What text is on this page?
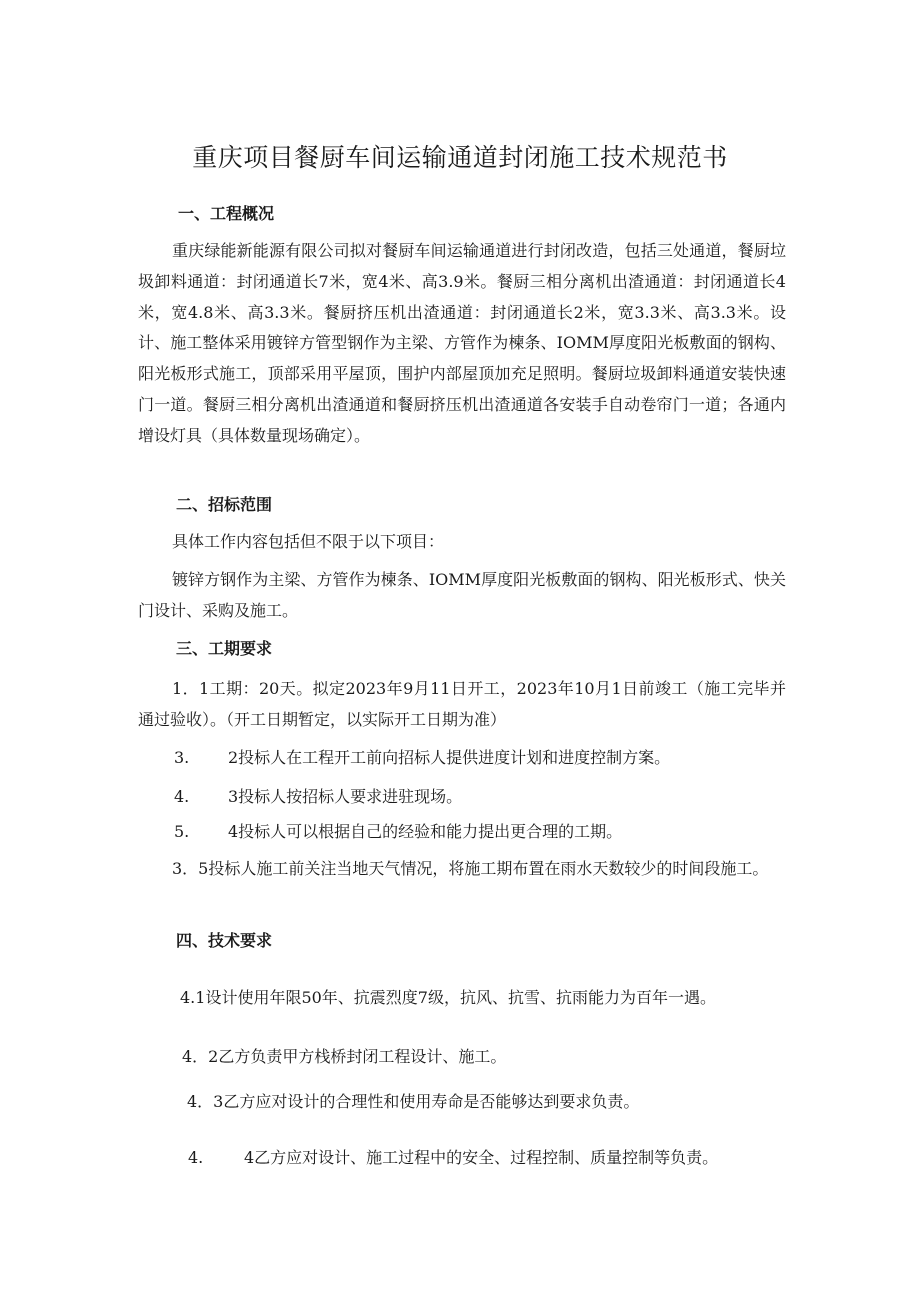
重庆项目餐厨车间运输通道封闭施工技术规范书
一、工程概况

重庆绿能新能源有限公司拟对餐厨车间运输通道进行封闭改造，包括三处通道，餐厨垃圾卸料通道：封闭通道长7米，宽4米、高3.9米。餐厨三相分离机出渣通道：封闭通道长4米，宽4.8米、高3.3米。餐厨挤压机出渣通道：封闭通道长2米，宽3.3米、高3.3米。设计、施工整体采用镀锌方管型钢作为主梁、方管作为楝条、IOMM厚度阳光板敷面的钢构、阳光板形式施工，顶部采用平屋顶，围护内部屋顶加充足照明。餐厨垃圾卸料通道安装快速门一道。餐厨三相分离机出渣通道和餐厨挤压机出渣通道各安装手自动卷帘门一道；各通内增设灯具（具体数量现场确定）。

二、招标范围

具体工作内容包括但不限于以下项目：

镀锌方钢作为主梁、方管作为楝条、IOMM厚度阳光板敷面的钢构、阳光板形式、快关门设计、采购及施工。

三、工期要求

1．1工期：20天。拟定2023年9月11日开工，2023年10月1日前竣工（施工完毕并通过验收）。（开工日期暂定，以实际开工日期为准）

3. 2投标人在工程开工前向招标人提供进度计划和进度控制方案。

4. 3投标人按招标人要求进驻现场。

5. 4投标人可以根据自己的经验和能力提出更合理的工期。

3．5投标人施工前关注当地天气情况，将施工期布置在雨水天数较少的时间段施工。

四、技术要求

4.1设计使用年限50年、抗震烈度7级，抗风、抗雪、抗雨能力为百年一遇。

4．2乙方负责甲方栈桥封闭工程设计、施工。

4．3乙方应对设计的合理性和使用寿命是否能够达到要求负责。

4.	4乙方应对设计、施工过程中的安全、过程控制、质量控制等负责。
